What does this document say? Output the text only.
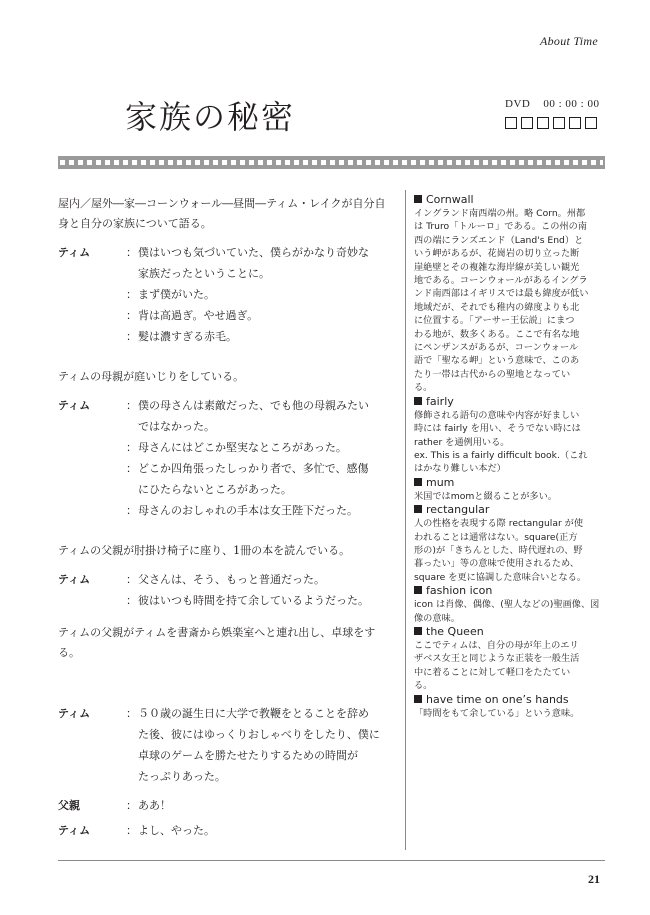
About Time
家族の秘密	DVD 00 : 00 : 00

屋内／屋外―家―コーンウォール―昼間―ティム・レイクが自分自身と自分の家族について語る。

ティム	： 僕はいつも気づいていた、僕らがかなり奇妙な
家族だったということに。
： まず僕がいた。
： 背は高過ぎ。やせ過ぎ。
： 髪は濃すぎる赤毛。

ティムの母親が庭いじりをしている。

ティム	： 僕の母さんは素敵だった、でも他の母親みたい
ではなかった。
： 母さんにはどこか堅実なところがあった。
： どこか四角張ったしっかり者で、多忙で、感傷
にひたらないところがあった。
： 母さんのおしゃれの手本は女王陛下だった。

ティムの父親が肘掛け椅子に座り、1冊の本を読んでいる。

ティム	： 父さんは、そう、もっと普通だった。
： 彼はいつも時間を持て余しているようだった。

ティムの父親がティムを書斎から娯楽室へと連れ出し、卓球をする。

ティム	： ５０歳の誕生日に大学で教鞭をとることを辞め
た後、彼にはゆっくりおしゃべりをしたり、僕に
卓球のゲームを勝たせたりするための時間が
たっぷりあった。
父親	： ああ！
ティム	： よし、やった。
Cornwall
イングランド南西端の州。略 Corn。州都
は Truro「トルーロ」である。この州の南
西の端にランズエンド（Land's End）と
いう岬があるが、花崗岩の切り立った断
崖絶壁とその複雑な海岸線が美しい観光
地である。コーンウォールがあるイングラ
ンド南西部はイギリスでは最も緯度が低い
地域だが、それでも稚内の緯度よりも北
に位置する。「アーサー王伝説」にまつ
わる地が、数多くある。ここで有名な地
にペンザンスがあるが、コーンウォール
語で「聖なる岬」という意味で、このあ
たり一帯は古代からの聖地となってい
る。
fairly
修飾される語句の意味や内容が好ましい
時には fairly を用い、そうでない時には
rather を通例用いる。
ex. This is a fairly difficult book.（これ
はかなり難しい本だ）
mum
米国ではmomと綴ることが多い。
rectangular
人の性格を表現する際 rectangular が使
われることは通常はない。square(正方
形の)が「きちんとした、時代遅れの、野
暮ったい」等の意味で使用されるため、
square を更に協調した意味合いとなる。
fashion icon
icon は肖像、偶像、(聖人などの)聖画像、図
像の意味。
the Queen
ここでティムは、自分の母が年上のエリ
ザベス女王と同じような正装を一般生活
中に着ることに対して軽口をたたてい
る。
have time on one’s hands
「時間をもて余している」という意味。
21
